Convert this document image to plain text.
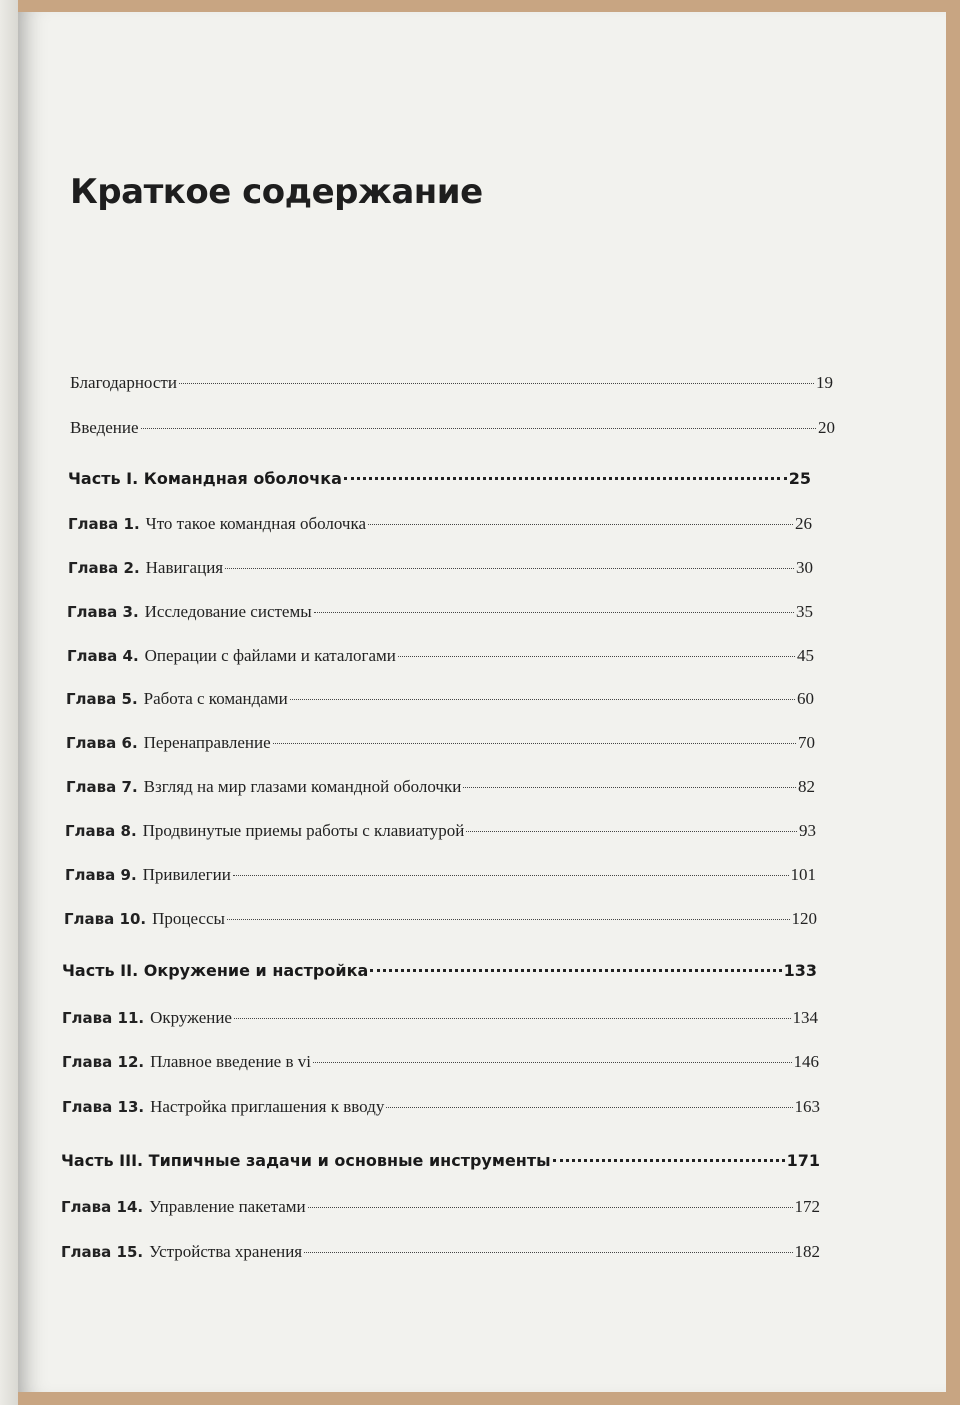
Краткое содержание
Благодарности	19
Введение	20
Часть I. Командная оболочка	25
Глава 1. Что такое командная оболочка	26
Глава 2. Навигация	30
Глава 3. Исследование системы	35
Глава 4. Операции с файлами и каталогами	45
Глава 5. Работа с командами	60
Глава 6. Перенаправление	70
Глава 7. Взгляд на мир глазами командной оболочки	82
Глава 8. Продвинутые приемы работы с клавиатурой	93
Глава 9. Привилегии	101
Глава 10. Процессы	120
Часть II. Окружение и настройка	133
Глава 11. Окружение	134
Глава 12. Плавное введение в vi	146
Глава 13. Настройка приглашения к вводу	163
Часть III. Типичные задачи и основные инструменты	171
Глава 14. Управление пакетами	172
Глава 15. Устройства хранения	182
